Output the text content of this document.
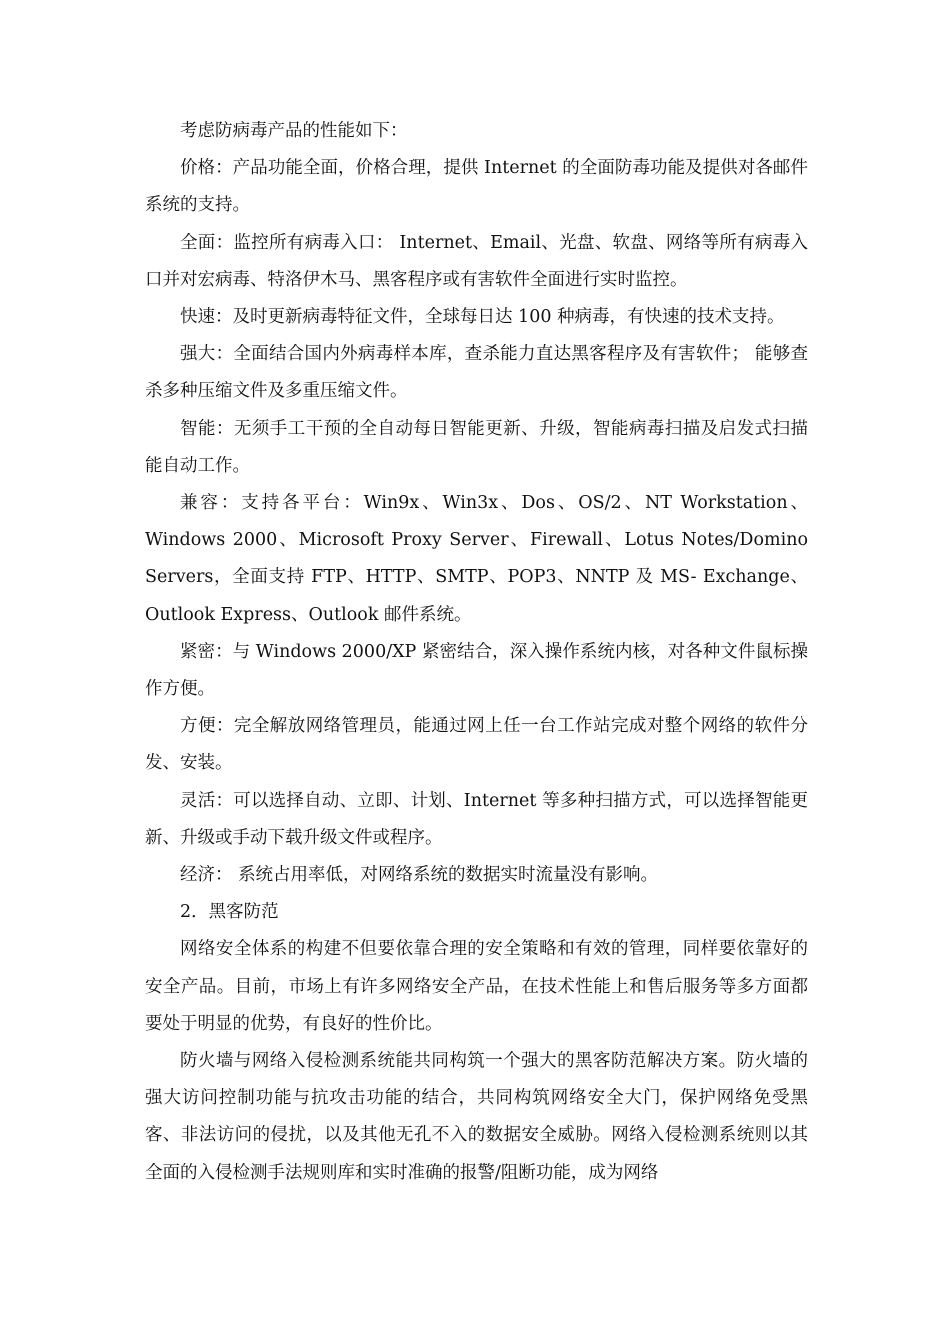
考虑防病毒产品的性能如下：

价格：产品功能全面，价格合理，提供 Internet 的全面防毒功能及提供对各邮件系统的支持。

全面：监控所有病毒入口： Internet、Email、光盘、软盘、网络等所有病毒入口并对宏病毒、特洛伊木马、黑客程序或有害软件全面进行实时监控。

快速：及时更新病毒特征文件，全球每日达 100 种病毒，有快速的技术支持。

强大：全面结合国内外病毒样本库，查杀能力直达黑客程序及有害软件； 能够查杀多种压缩文件及多重压缩文件。

智能：无须手工干预的全自动每日智能更新、升级，智能病毒扫描及启发式扫描能自动工作。

兼容：支持各平台：Win9x、Win3x、Dos、OS/2、NT Workstation、Windows 2000、Microsoft Proxy Server、Firewall、Lotus Notes/Domino Servers，全面支持 FTP、HTTP、SMTP、POP3、NNTP 及 MS- Exchange、Outlook Express、Outlook 邮件系统。

紧密：与 Windows 2000/XP 紧密结合，深入操作系统内核，对各种文件鼠标操作方便。

方便：完全解放网络管理员，能通过网上任一台工作站完成对整个网络的软件分发、安装。

灵活：可以选择自动、立即、计划、Internet 等多种扫描方式，可以选择智能更新、升级或手动下载升级文件或程序。

经济： 系统占用率低，对网络系统的数据实时流量没有影响。

2．黑客防范

网络安全体系的构建不但要依靠合理的安全策略和有效的管理，同样要依靠好的安全产品。目前，市场上有许多网络安全产品，在技术性能上和售后服务等多方面都要处于明显的优势，有良好的性价比。

防火墙与网络入侵检测系统能共同构筑一个强大的黑客防范解决方案。防火墙的强大访问控制功能与抗攻击功能的结合，共同构筑网络安全大门，保护网络免受黑客、非法访问的侵扰，以及其他无孔不入的数据安全威胁。网络入侵检测系统则以其全面的入侵检测手法规则库和实时准确的报警/阻断功能，成为网络
